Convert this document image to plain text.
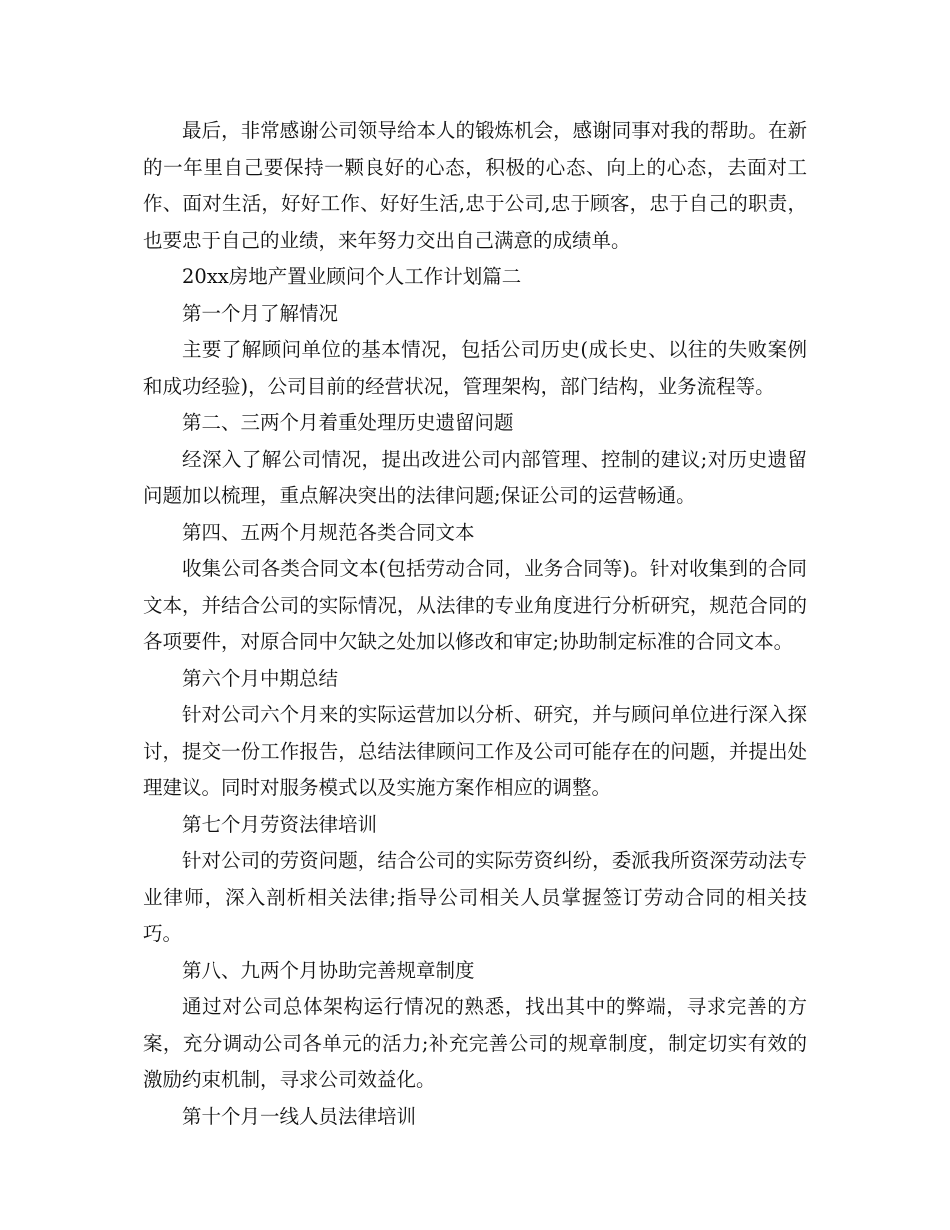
最后，非常感谢公司领导给本人的锻炼机会，感谢同事对我的帮助。在新的一年里自己要保持一颗良好的心态，积极的心态、向上的心态，去面对工作、面对生活，好好工作、好好生活,忠于公司,忠于顾客，忠于自己的职责，也要忠于自己的业绩，来年努力交出自己满意的成绩单。

20xx房地产置业顾问个人工作计划篇二

第一个月了解情况

主要了解顾问单位的基本情况，包括公司历史(成长史、以往的失败案例和成功经验)，公司目前的经营状况，管理架构，部门结构，业务流程等。

第二、三两个月着重处理历史遗留问题

经深入了解公司情况，提出改进公司内部管理、控制的建议;对历史遗留问题加以梳理，重点解决突出的法律问题;保证公司的运营畅通。

第四、五两个月规范各类合同文本

收集公司各类合同文本(包括劳动合同，业务合同等)。针对收集到的合同文本，并结合公司的实际情况，从法律的专业角度进行分析研究，规范合同的各项要件，对原合同中欠缺之处加以修改和审定;协助制定标准的合同文本。

第六个月中期总结

针对公司六个月来的实际运营加以分析、研究，并与顾问单位进行深入探讨，提交一份工作报告，总结法律顾问工作及公司可能存在的问题，并提出处理建议。同时对服务模式以及实施方案作相应的调整。

第七个月劳资法律培训

针对公司的劳资问题，结合公司的实际劳资纠纷，委派我所资深劳动法专业律师，深入剖析相关法律;指导公司相关人员掌握签订劳动合同的相关技巧。

第八、九两个月协助完善规章制度

通过对公司总体架构运行情况的熟悉，找出其中的弊端，寻求完善的方案，充分调动公司各单元的活力;补充完善公司的规章制度，制定切实有效的激励约束机制，寻求公司效益化。

第十个月一线人员法律培训
